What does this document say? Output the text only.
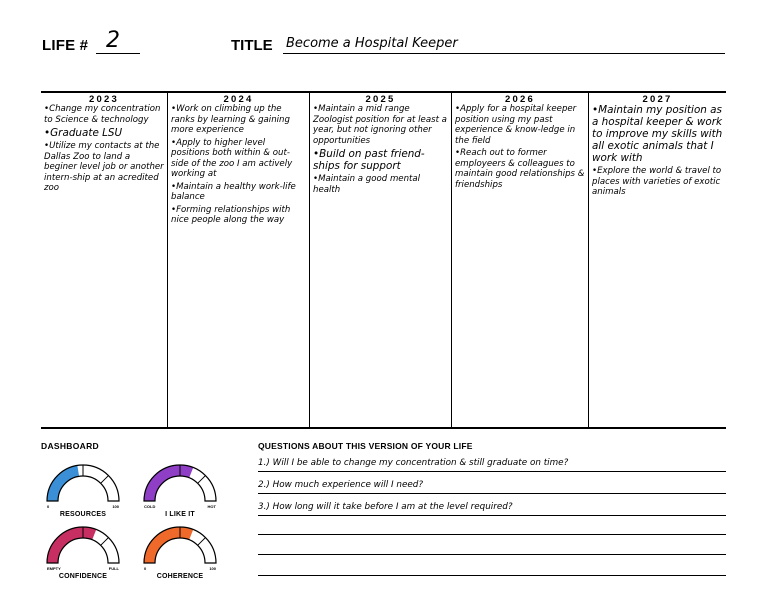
LIFE # 2	TITLE Become a Hospital Keeper
2023

•Change my concentration to Science & technology

•Graduate LSU

•Utilize my contacts at the Dallas Zoo to land a beginer level job or another intern-ship at an acredited zoo

2024

•Work on climbing up the ranks by learning & gaining more experience

•Apply to higher level positions both within & out-side of the zoo I am actively working at

•Maintain a healthy work-life balance

•Forming relationships with nice people along the way

2025

•Maintain a mid range Zoologist position for at least a year, but not ignoring other opportunities

•Build on past friend-ships for support

•Maintain a good mental health

2026

•Apply for a hospital keeper position using my past experience & know-ledge in the field

•Reach out to former employeers & colleagues to maintain good relationships & friendships

2027

•Maintain my position as a hospital keeper & work to improve my skills with all exotic animals that I work with

•Explore the world & travel to places with varieties of exotic animals

DASHBOARD
0	100
RESOURCES
COLD	HOT
I LIKE IT
EMPTY	FULL
CONFIDENCE
0	100
COHERENCE
QUESTIONS ABOUT THIS VERSION OF YOUR LIFE
1.) Will I be able to change my concentration & still graduate on time?
2.) How much experience will I need?
3.) How long will it take before I am at the level required?
